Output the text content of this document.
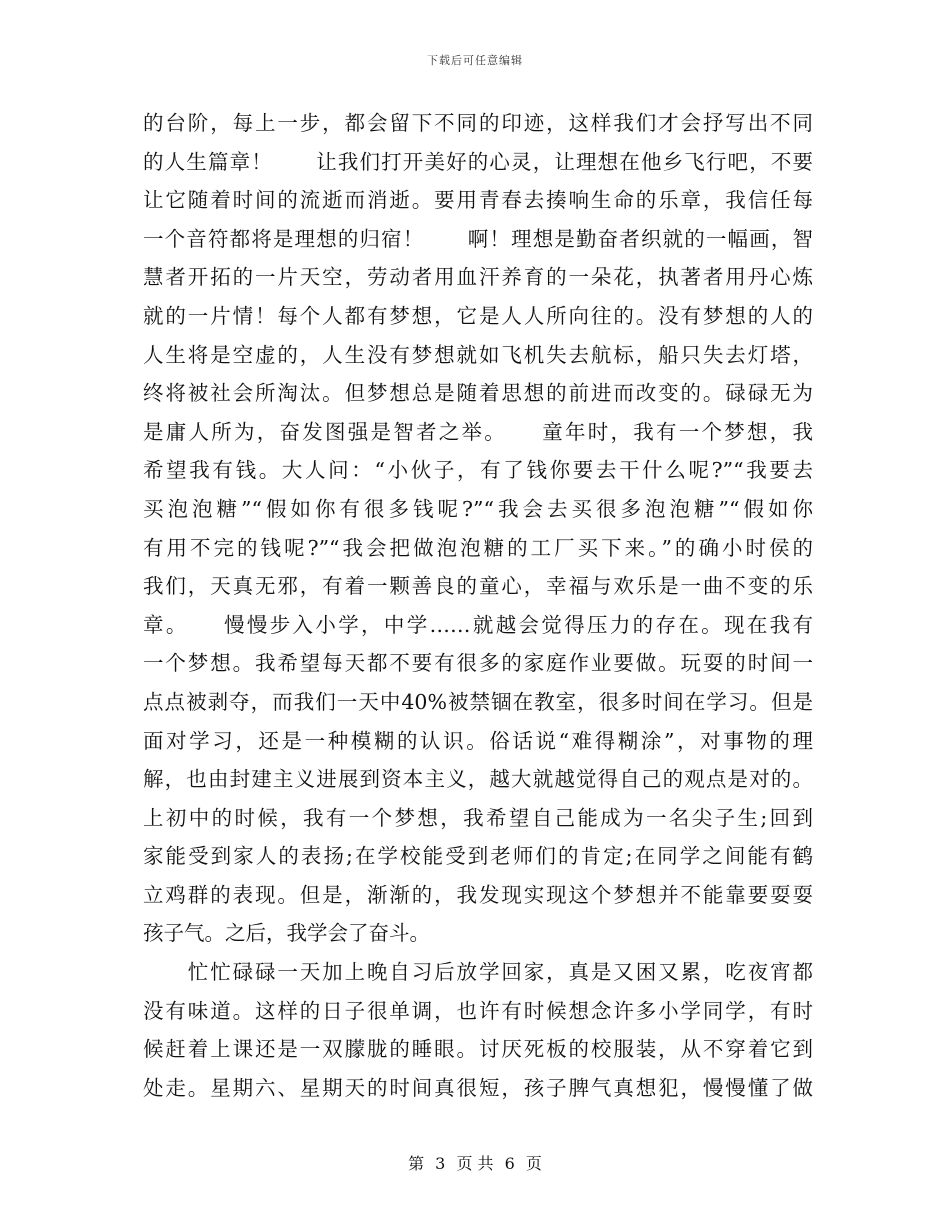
下载后可任意编辑
的台阶，每上一步，都会留下不同的印迹，这样我们才会抒写出不同
的人生篇章！　　让我们打开美好的心灵，让理想在他乡飞行吧，不要
让它随着时间的流逝而消逝。要用青春去揍响生命的乐章，我信任每
一个音符都将是理想的归宿！　　啊！理想是勤奋者织就的一幅画，智
慧者开拓的一片天空，劳动者用血汗养育的一朵花，执著者用丹心炼
就的一片情！每个人都有梦想，它是人人所向往的。没有梦想的人的
人生将是空虚的，人生没有梦想就如飞机失去航标，船只失去灯塔，
终将被社会所淘汰。但梦想总是随着思想的前进而改变的。碌碌无为
是庸人所为，奋发图强是智者之举。　　童年时，我有一个梦想，我
希望我有钱。大人问：“小伙子，有了钱你要去干什么呢?”“我要去
买泡泡糖”“假如你有很多钱呢?”“我会去买很多泡泡糖”“假如你
有用不完的钱呢?”“我会把做泡泡糖的工厂买下来。”的确小时侯的
我们，天真无邪，有着一颗善良的童心，幸福与欢乐是一曲不变的乐
章。　　慢慢步入小学，中学……就越会觉得压力的存在。现在我有
一个梦想。我希望每天都不要有很多的家庭作业要做。玩耍的时间一
点点被剥夺，而我们一天中40%被禁锢在教室，很多时间在学习。但是
面对学习，还是一种模糊的认识。俗话说“难得糊涂”，对事物的理
解，也由封建主义进展到资本主义，越大就越觉得自己的观点是对的。
上初中的时候，我有一个梦想，我希望自己能成为一名尖子生;回到
家能受到家人的表扬;在学校能受到老师们的肯定;在同学之间能有鹤
立鸡群的表现。但是，渐渐的，我发现实现这个梦想并不能靠要耍耍
孩子气。之后，我学会了奋斗。
　　忙忙碌碌一天加上晚自习后放学回家，真是又困又累，吃夜宵都
没有味道。这样的日子很单调，也许有时候想念许多小学同学，有时
候赶着上课还是一双朦胧的睡眼。讨厌死板的校服装，从不穿着它到
处走。星期六、星期天的时间真很短，孩子脾气真想犯，慢慢懂了做
第 3 页 共 6 页
